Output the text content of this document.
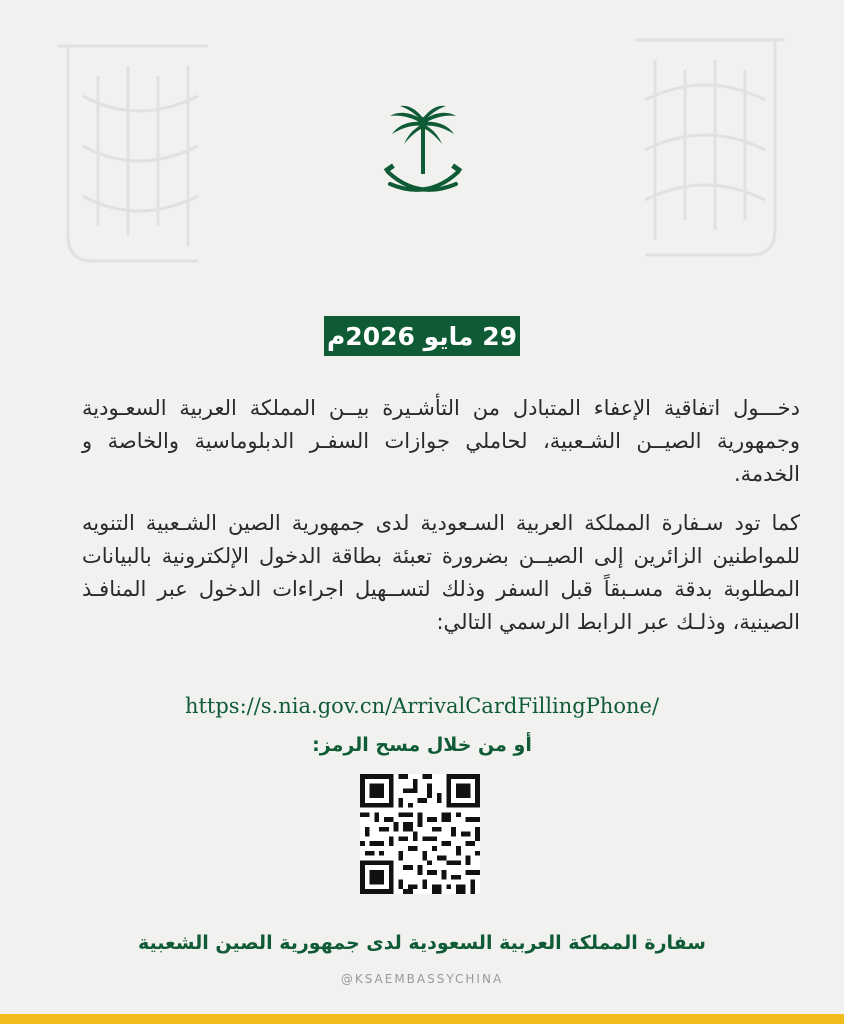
29 مايو 2026م
دخـــول اتفاقية الإعفاء المتبادل من التأشـيرة بيــن المملكة العربية السعـودية وجمهورية الصيــن الشـعبية، لحاملي جوازات السفـر الدبلوماسية والخاصة و الخدمة.
كما تود سـفارة المملكة العربية السـعودية لدى جمهورية الصين الشـعبية التنويه للمواطنين الزائرين إلى الصيــن بضرورة تعبئة بطاقة الدخول الإلكترونية بالبيانات المطلوبة بدقة مسـبقاً قبل السفر وذلك لتســهيل اجراءات الدخول عبر المنافـذ الصينية، وذلـك عبر الرابط الرسمي التالي:
https://s.nia.gov.cn/ArrivalCardFillingPhone/
أو من خلال مسح الرمز:
سفارة المملكة العربية السعودية لدى جمهورية الصين الشعبية
@KSAEMBASSYCHINA
